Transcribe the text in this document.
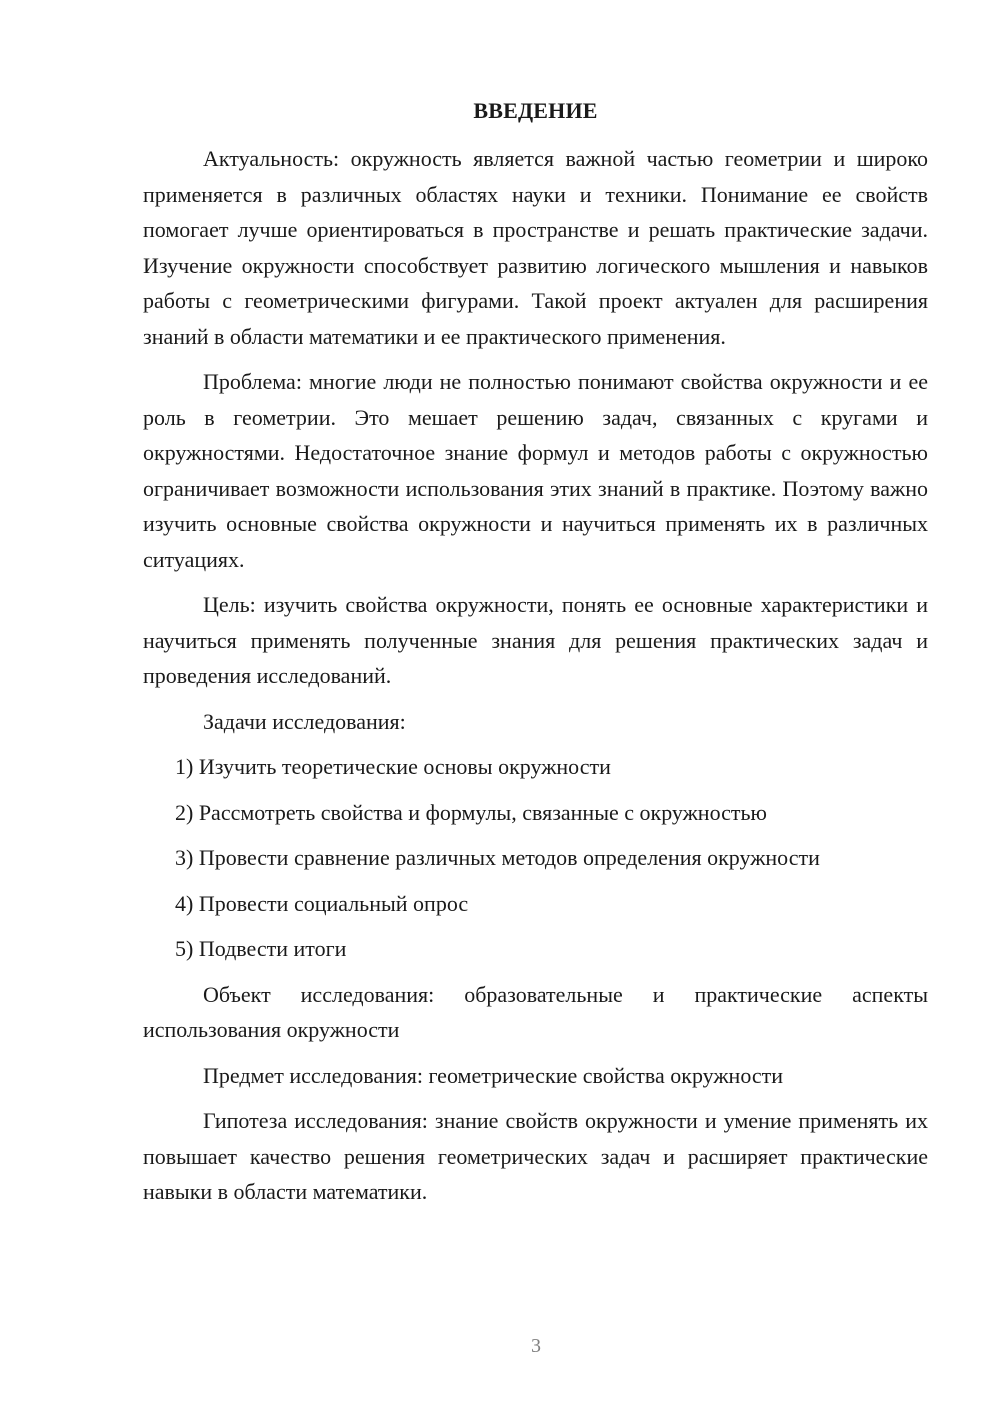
ВВЕДЕНИЕ

Актуальность: окружность является важной частью геометрии и широко применяется в различных областях науки и техники. Понимание ее свойств помогает лучше ориентироваться в пространстве и решать практические задачи. Изучение окружности способствует развитию логического мышления и навыков работы с геометрическими фигурами. Такой проект актуален для расширения знаний в области математики и ее практического применения.

Проблема: многие люди не полностью понимают свойства окружности и ее роль в геометрии. Это мешает решению задач, связанных с кругами и окружностями. Недостаточное знание формул и методов работы с окружностью ограничивает возможности использования этих знаний в практике. Поэтому важно изучить основные свойства окружности и научиться применять их в различных ситуациях.

Цель: изучить свойства окружности, понять ее основные характеристики и научиться применять полученные знания для решения практических задач и проведения исследований.

Задачи исследования:

1) Изучить теоретические основы окружности
2) Рассмотреть свойства и формулы, связанные с окружностью
3) Провести сравнение различных методов определения окружности
4) Провести социальный опрос
5) Подвести итоги

Объект исследования: образовательные и практические аспекты использования окружности

Предмет исследования: геометрические свойства окружности

Гипотеза исследования: знание свойств окружности и умение применять их повышает качество решения геометрических задач и расширяет практические навыки в области математики.

3
